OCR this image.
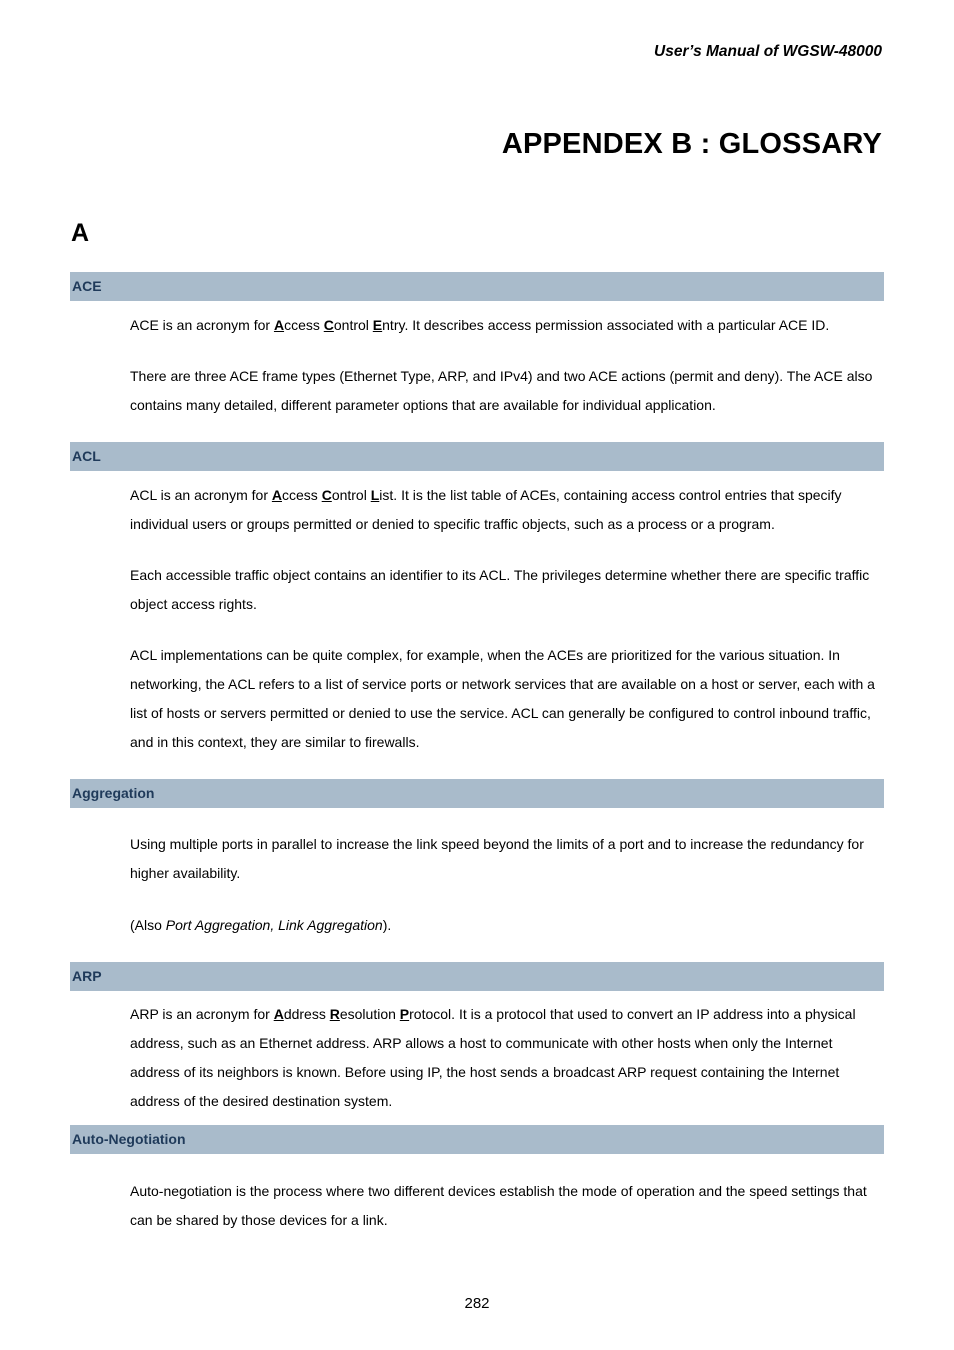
User’s Manual of WGSW-48000
APPENDEX B : GLOSSARY
A
ACE

ACE is an acronym for Access Control Entry. It describes access permission associated with a particular ACE ID.

There are three ACE frame types (Ethernet Type, ARP, and IPv4) and two ACE actions (permit and deny). The ACE also contains many detailed, different parameter options that are available for individual application.

ACL

ACL is an acronym for Access Control List. It is the list table of ACEs, containing access control entries that specify individual users or groups permitted or denied to specific traffic objects, such as a process or a program.

Each accessible traffic object contains an identifier to its ACL. The privileges determine whether there are specific traffic object access rights.

ACL implementations can be quite complex, for example, when the ACEs are prioritized for the various situation. In networking, the ACL refers to a list of service ports or network services that are available on a host or server, each with a list of hosts or servers permitted or denied to use the service. ACL can generally be configured to control inbound traffic, and in this context, they are similar to firewalls.

Aggregation

Using multiple ports in parallel to increase the link speed beyond the limits of a port and to increase the redundancy for higher availability.

(Also Port Aggregation, Link Aggregation).

ARP

ARP is an acronym for Address Resolution Protocol. It is a protocol that used to convert an IP address into a physical address, such as an Ethernet address. ARP allows a host to communicate with other hosts when only the Internet address of its neighbors is known. Before using IP, the host sends a broadcast ARP request containing the Internet address of the desired destination system.

Auto-Negotiation

Auto-negotiation is the process where two different devices establish the mode of operation and the speed settings that can be shared by those devices for a link.

282
